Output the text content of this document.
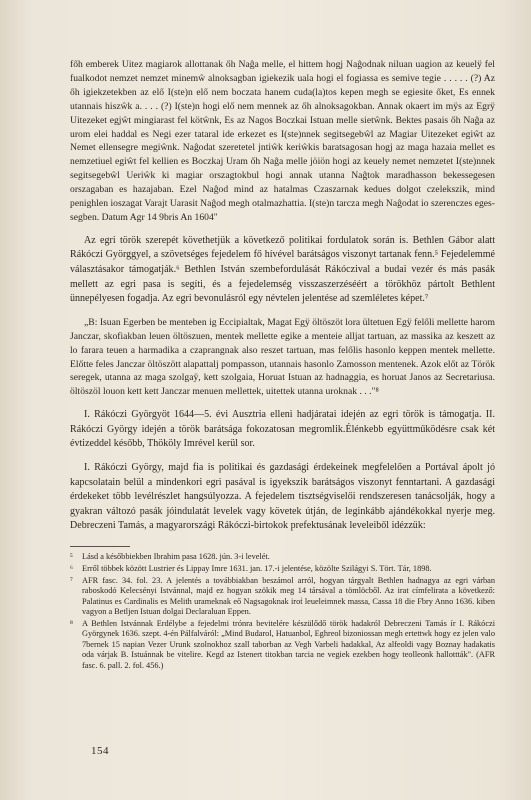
főh emberek Uitez magiarok allottanak őh Naĝa melle, el hittem hogj Naĝodnak niluan uagion az keuelÿ fel fualkodot nemzet nemzet minemŵ alnoksagban igiekezik uala hogi el fogiassa es semive tegie . . . . . (?) Az őh igiekzetekben az elő I(ste)n elő nem boczata hanem cuda(la)tos kepen megh se egiesite őket, Es ennek utannais hiszŵk a. . . . (?) I(ste)n hogi elő nem mennek az őh alnoksagokban. Annak okaert im mÿs az Egrÿ Uitezeket egjŵt mingiarast fel kötŵnk, Es az Nagos Boczkai Istuan melle sietŵnk. Bektes pasais őh Naĝa az urom elei haddal es Negi ezer tataral ide erkezet es I(ste)nnek segitsegebŵl az Magiar Uitezeket egiŵt az Nemet ellensegre megiŵnk. Naĝodat szeretetel jntiŵk keriŵkis baratsagosan hogj az maga hazaia mellet es nemzetiuel egiŵt fel kellien es Boczkaj Uram őh Naĝa melle jöiön hogi az keuely nemet nemzetet I(ste)nnek segitsegebŵl Ueriŵk ki magiar orszagtokbul hogi annak utanna Naĝtok maradhasson bekessegesen orszagaban es hazajaban. Ezel Naĝod mind az hatalmas Czaszarnak kedues dolgot czelekszik, mind penighlen ioszagat Varajt Uarasit Naĝod megh otalmazhattia. I(ste)n tarcza megh Naĝodat io szerenczes egessegben. Datum Agr 14 9bris An 1604"

Az egri török szerepét követhetjük a következő politikai fordulatok során is. Bethlen Gábor alatt Rákóczi Györggyel, a szövetséges fejedelem fő hívével barátságos viszonyt tartanak fenn.⁵ Fejedelemmé választásakor támogatják.⁶ Bethlen István szembefordulását Rákóczival a budai vezér és más pasák mellett az egri pasa is segíti, és a fejedelemség visszaszerzéséért a törökhöz pártolt Bethlent ünnepélyesen fogadja. Az egri bevonulásról egy névtelen jelentése ad szemléletes képet.⁷

„B: Isuan Egerben be menteben ig Eccipialtak, Magat Egÿ öltöszöt lora ültetuen Egÿ felőli mellette harom Janczar, skofiakban leuen öltöszuen, mentek mellette egike a menteie alljat tartuan, az massika az keszett az lo farara teuen a harmadika a czaprangnak also reszet tartuan, mas felőlis hasonlo keppen mentek mellette. Előtte feles Janczar öltöszött alapattalj pompasson, utannais hasonlo Zamosson mentenek. Azok előt az Török seregek, utanna az maga szolgaÿ, kett szolgaia, Horuat Istuan az hadnaggia, es horuat Janos az Secretariusa. öltöszöl louon kett kett Janczar menuen mellettek, uitettek utanna uroknak . . ."⁸

I. Rákóczi Györgyöt 1644—5. évi Ausztria elleni hadjáratai idején az egri török is támogatja. II. Rákóczi György idején a török barátsága fokozatosan megromlik.Élénkebb együttműködésre csak két évtizeddel később, Thököly Imrével kerül sor.

I. Rákóczi György, majd fia is politikai és gazdasági érdekeinek megfelelően a Portával ápolt jó kapcsolatain belül a mindenkori egri pasával is igyekszik barátságos viszonyt fenntartani. A gazdasági érdekeket több levélrészlet hangsúlyozza. A fejedelem tisztségviselői rendszeresen tanácsolják, hogy a gyakran változó pasák jóindulatát levelek vagy követek útján, de leginkább ajándékokkal nyerje meg. Debreczeni Tamás, a magyarországi Rákóczi-birtokok prefektusának leveleiből idézzük:

⁵ Lásd a későbbiekben Ibrahim pasa 1628. jún. 3-i levelét.
⁶ Erről többek között Lustrier és Lippay Imre 1631. jan. 17.-i jelentése, közölte Szilágyi S. Tört. Tár, 1898.
⁷ AFR fasc. 34. fol. 23. A jelentés a továbbiakban beszámol arról, hogyan tárgyalt Bethlen hadnagya az egri várban raboskodó Kelecsényi Istvánnal, majd ez hogyan szökik meg 14 társával a tömlöcből. Az irat címfelirata a következő: Palatinus es Cardinalis es Melith urameknak eő Nagsagoknak iroṫ leueleimnek massa, Cassa 18 die Fbry Anno 1636. kiben vagyon a Betljen Istuan dolgai Declaraluan Eppen.
⁸ A Bethlen Istvánnak Erdélybe a fejedelmi trónra bevitelére készülődő török hadakról Debreczeni Tamás ír I. Rákóczi Györgynek 1636. szept. 4-én Pálfalváról: „Mind Budarol, Hatuanbol, Eghreol bizoniossan megh ertettwk hogy ez jelen valo 7bernek 15 napian Vezer Urunk szolnokhoz szall taborban az Vegh Varbeli hadakkal, Az alfeoldi vagy Boznay hadakatis oda várjak B. Istuánnak be vitelire. Kegd az Istenert titokban tarcia ne vegiek ezekben hogy teolleonk hallottták". (AFR fasc. 6. pall. 2. fol. 456.)
154
